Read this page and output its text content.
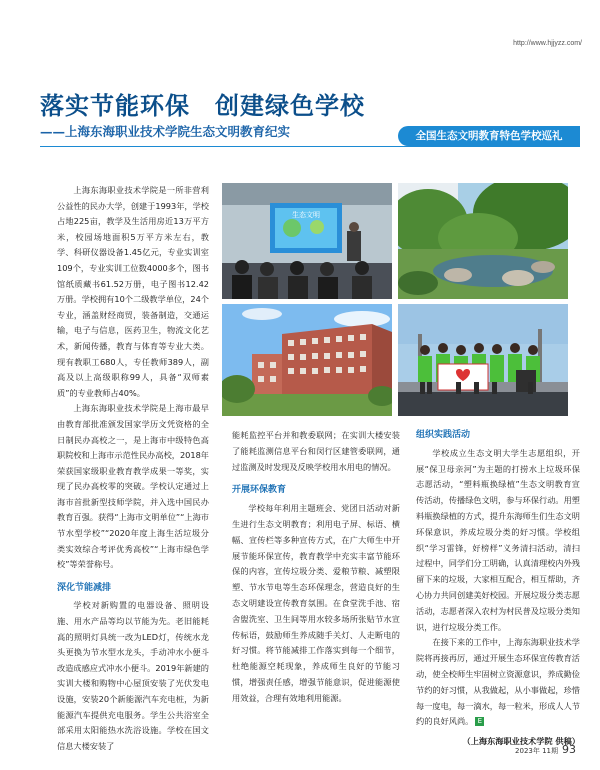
http://www.hjjyzz.com/
落实节能环保　创建绿色学校
——上海东海职业技术学院生态文明教育纪实	全国生态文明教育特色学校巡礼

上海东海职业技术学院是一所非营利公益性的民办大学，创建于1993年，学校占地225亩，教学及生活用房近13万平方米，校园场地面积5万平方米左右，教学、科研仪器设备1.45亿元，专业实训室109个，专业实训工位数4000多个，图书馆纸质藏书61.52万册，电子图书12.42万册。学校拥有10个二级教学单位，24个专业，涵盖财经商贸，装备制造，交通运输，电子与信息，医药卫生，物流文化艺术，新闻传播，教育与体育等专业大类。现有教职工680人，专任教师389人，副高及以上高级职称99人，具备“双师素质”的专业教师占40%。

上海东海职业技术学院是上海市最早由教育部批准颁发国家学历文凭资格的全日制民办高校之一，是上海市中级特色高职院校和上海市示范性民办高校，2018年荣获国家级职业教育教学成果一等奖，实现了民办高校零的突破。学校认定通过上海市首批新型技师学院，并入选中国民办教育百强。获得“上海市文明单位”“上海市节水型学校”“2020年度上海生活垃圾分类实效综合考评优秀高校”“上海市绿色学校”等荣誉称号。

深化节能减排

学校对新购置的电器设备、照明设施、用水产品等均以节能为先。老旧能耗高的照明灯具统一改为LED灯，传统水龙头更换为节水型水龙头，手动冲水小便斗改造成感应式冲水小便斗。2019年新建的实训大楼和购物中心屋顶安装了光伏发电设施，安装20个新能源汽车充电桩，为新能源汽车提供充电服务。学生公共浴室全部采用太阳能热水洗浴设施。学校在国文信息大楼安装了

生态文明

能耗监控平台并和教委联网；在实训大楼安装了能耗监测信息平台和闵行区建管委联网，通过监测及时发现及反映学校用水用电的情况。

开展环保教育

学校每年利用主题班会、党团日活动对新生进行生态文明教育；利用电子屏、标语、横幅、宣传栏等多种宣传方式，在广大师生中开展节能环保宣传，教育教学中充实丰富节能环保的内容，宣传垃圾分类、爱粮节粮、减塑限塑、节水节电等生态环保理念，营造良好的生态文明建设宣传教育氛围。在食堂洗手池、宿舍盥洗室、卫生间等用水较多场所张贴节水宣传标语，鼓励师生养成随手关灯、人走断电的好习惯。将节能减排工作落实到每一个细节，杜绝能源空耗现象，养成师生良好的节能习惯，增强责任感，增强节能意识，促进能源使用效益，合理有效地利用能源。

组织实践活动

学校成立生态文明大学生志愿组织，开展“保卫母亲河”为主题的打捞水上垃圾环保志愿活动，“塑料瓶换绿植”生态文明教育宣传活动，传播绿色文明，参与环保行动。用塑料瓶换绿植的方式，提升东海师生们生态文明环保意识，养成垃圾分类的好习惯。学校组织“学习雷锋，好榜样”义务清扫活动，清扫过程中，同学们分工明确，认真清理校内外残留下来的垃圾，大家相互配合，相互帮助，齐心协力共同创建美好校园。开展垃圾分类志愿活动，志愿者深入农村为村民普及垃圾分类知识，进行垃圾分类工作。

在接下来的工作中，上海东海职业技术学院将再接再厉，通过开展生态环保宣传教育活动，使全校师生牢固树立资源意识，养成勤俭节约的好习惯，从我做起，从小事做起，珍惜每一度电，每一滴水，每一粒米，形成人人节约的良好风尚。 E

（上海东海职业技术学院 供稿）

2023年 11期 93
